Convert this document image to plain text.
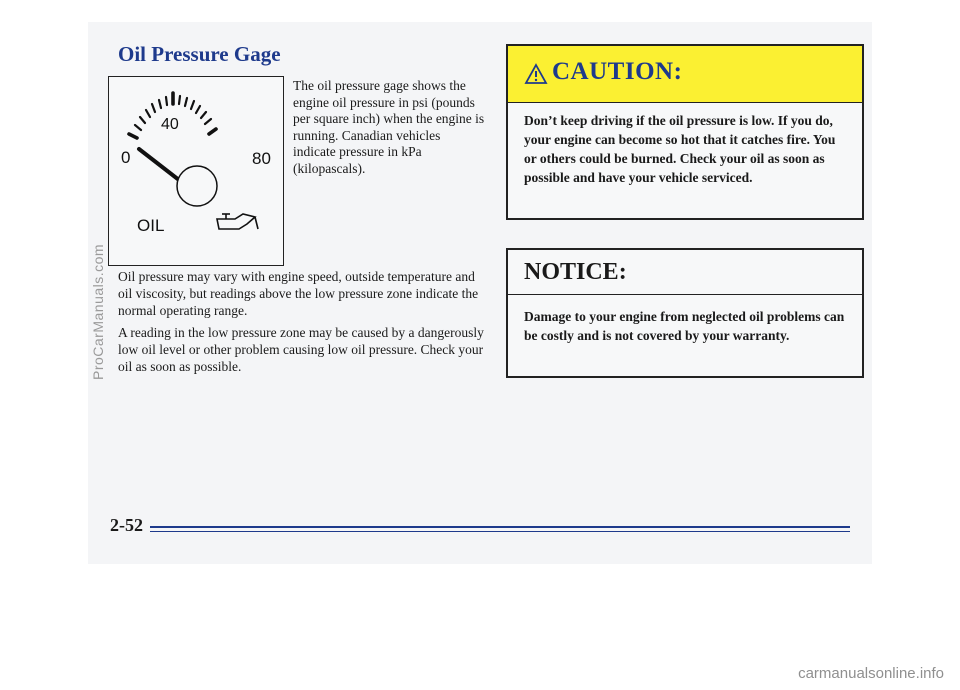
Oil Pressure Gage
0
40
80
OIL
The oil pressure gage shows the engine oil pressure in psi (pounds per square inch) when the engine is running. Canadian vehicles indicate pressure in kPa (kilopascals).
Oil pressure may vary with engine speed, outside temperature and oil viscosity, but readings above the low pressure zone indicate the normal operating range.
A reading in the low pressure zone may be caused by a dangerously low oil level or other problem causing low oil pressure. Check your oil as soon as possible.
CAUTION:
Don’t keep driving if the oil pressure is low. If you do, your engine can become so hot that it catches fire. You or others could be burned. Check your oil as soon as possible and have your vehicle serviced.
NOTICE:
Damage to your engine from neglected oil problems can be costly and is not covered by your warranty.
2-52
ProCarManuals.com
carmanualsonline.info
